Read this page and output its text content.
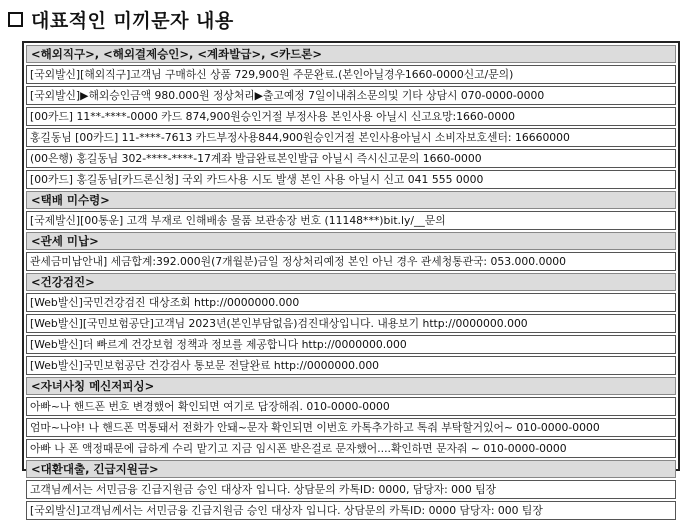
대표적인 미끼문자 내용
<해외직구>, <해외결제승인>, <계좌발급>, <카드론>
[국외발신][해외직구]고객님 구매하신 상품 729,900원 주문완료.(본인아닐경우1660-0000신고/문의)
[국외발신]▶해외승인금액 980.000원 정상처리▶출고예정 7일이내취소문의및 기타 상담시 070-0000-0000
[00카드] 11**-****-0000 카드 874,900원승인거절 부정사용 본인사용 아닐시 신고요망:1660-0000
홍길동님 [00카드] 11-****-7613 카드부정사용844,900원승인거절 본인사용아닐시 소비자보호센터: 16660000
(00은행) 홍길동님 302-****-****-17계좌 발급완료본인발급 아닐시 즉시신고문의 1660-0000
[00카드] 홍길동님[카드론신청] 국외 카드사용 시도 발생 본인 사용 아닐시 신고 041 555 0000
<택배 미수령>
[국제발신][00통운] 고객 부재로 인해배송 물품 보관송장 번호 (11148***)bit.ly/__문의
<관세 미납>
관세금미납안내] 세금합계:392.000원(7개월분)금일 정상처리예정 본인 아닌 경우 관세청통관국: 053.000.0000
<건강검진>
[Web발신]국민건강검진 대상조회 http://0000000.000
[Web발신][국민보험공단]고객님 2023년(본인부담없음)검진대상입니다. 내용보기 http://0000000.000
[Web발신]더 빠르게 건강보험 정책과 정보를 제공합니다 http://0000000.000
[Web발신]국민보험공단 건강검사 통보문 전달완료 http://0000000.000
<자녀사칭 메신저피싱>
아빠~나 핸드폰 번호 변경했어 확인되면 여기로 답장해줘. 010-0000-0000
엄마~나야! 나 핸드폰 먹통돼서 전화가 안돼~문자 확인되면 이번호 카톡추가하고 톡줘 부탁할거있어~ 010-0000-0000
아빠 나 폰 액정때문에 급하게 수리 맡기고 지금 임시폰 받은걸로 문자했어....확인하면 문자줘 ~ 010-0000-0000
<대환대출, 긴급지원금>
고객님께서는 서민금융 긴급지원금 승인 대상자 입니다. 상담문의 카톡ID: 0000, 담당자: 000 팀장
[국외발신]고객님께서는 서민금융 긴급지원금 승인 대상자 입니다. 상담문의 카톡ID: 0000 담당자: 000 팀장
